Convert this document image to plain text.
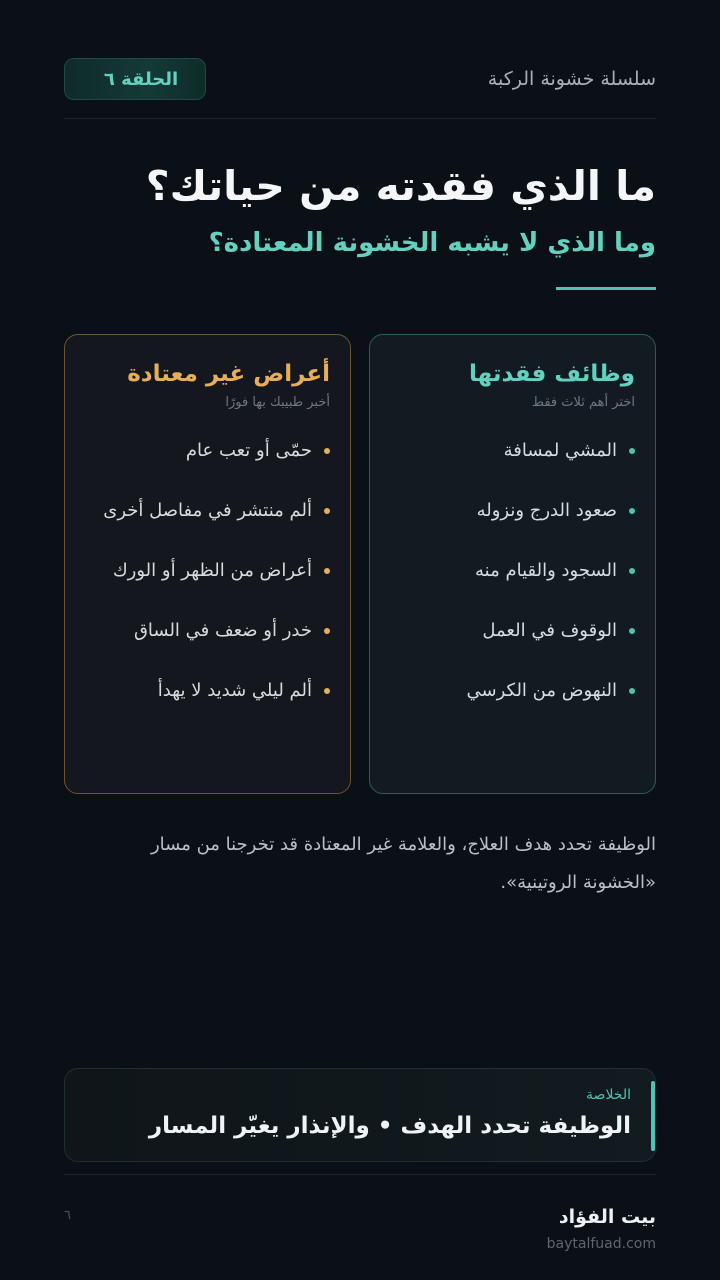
سلسلة خشونة الركبة
الحلقة ٦
ما الذي فقدته من حياتك؟
وما الذي لا يشبه الخشونة المعتادة؟
وظائف فقدتها
اختر أهم ثلاث فقط
المشي لمسافة
صعود الدرج ونزوله
السجود والقيام منه
الوقوف في العمل
النهوض من الكرسي
أعراض غير معتادة
أخبر طبيبك بها فورًا
حمّى أو تعب عام
ألم منتشر في مفاصل أخرى
أعراض من الظهر أو الورك
خدر أو ضعف في الساق
ألم ليلي شديد لا يهدأ

الوظيفة تحدد هدف العلاج، والعلامة غير المعتادة قد تخرجنا من مسار «الخشونة الروتينية».

الخلاصة
الوظيفة تحدد الهدف • والإنذار يغيّر المسار
بيت الفؤاد
baytalfuad.com
٦
